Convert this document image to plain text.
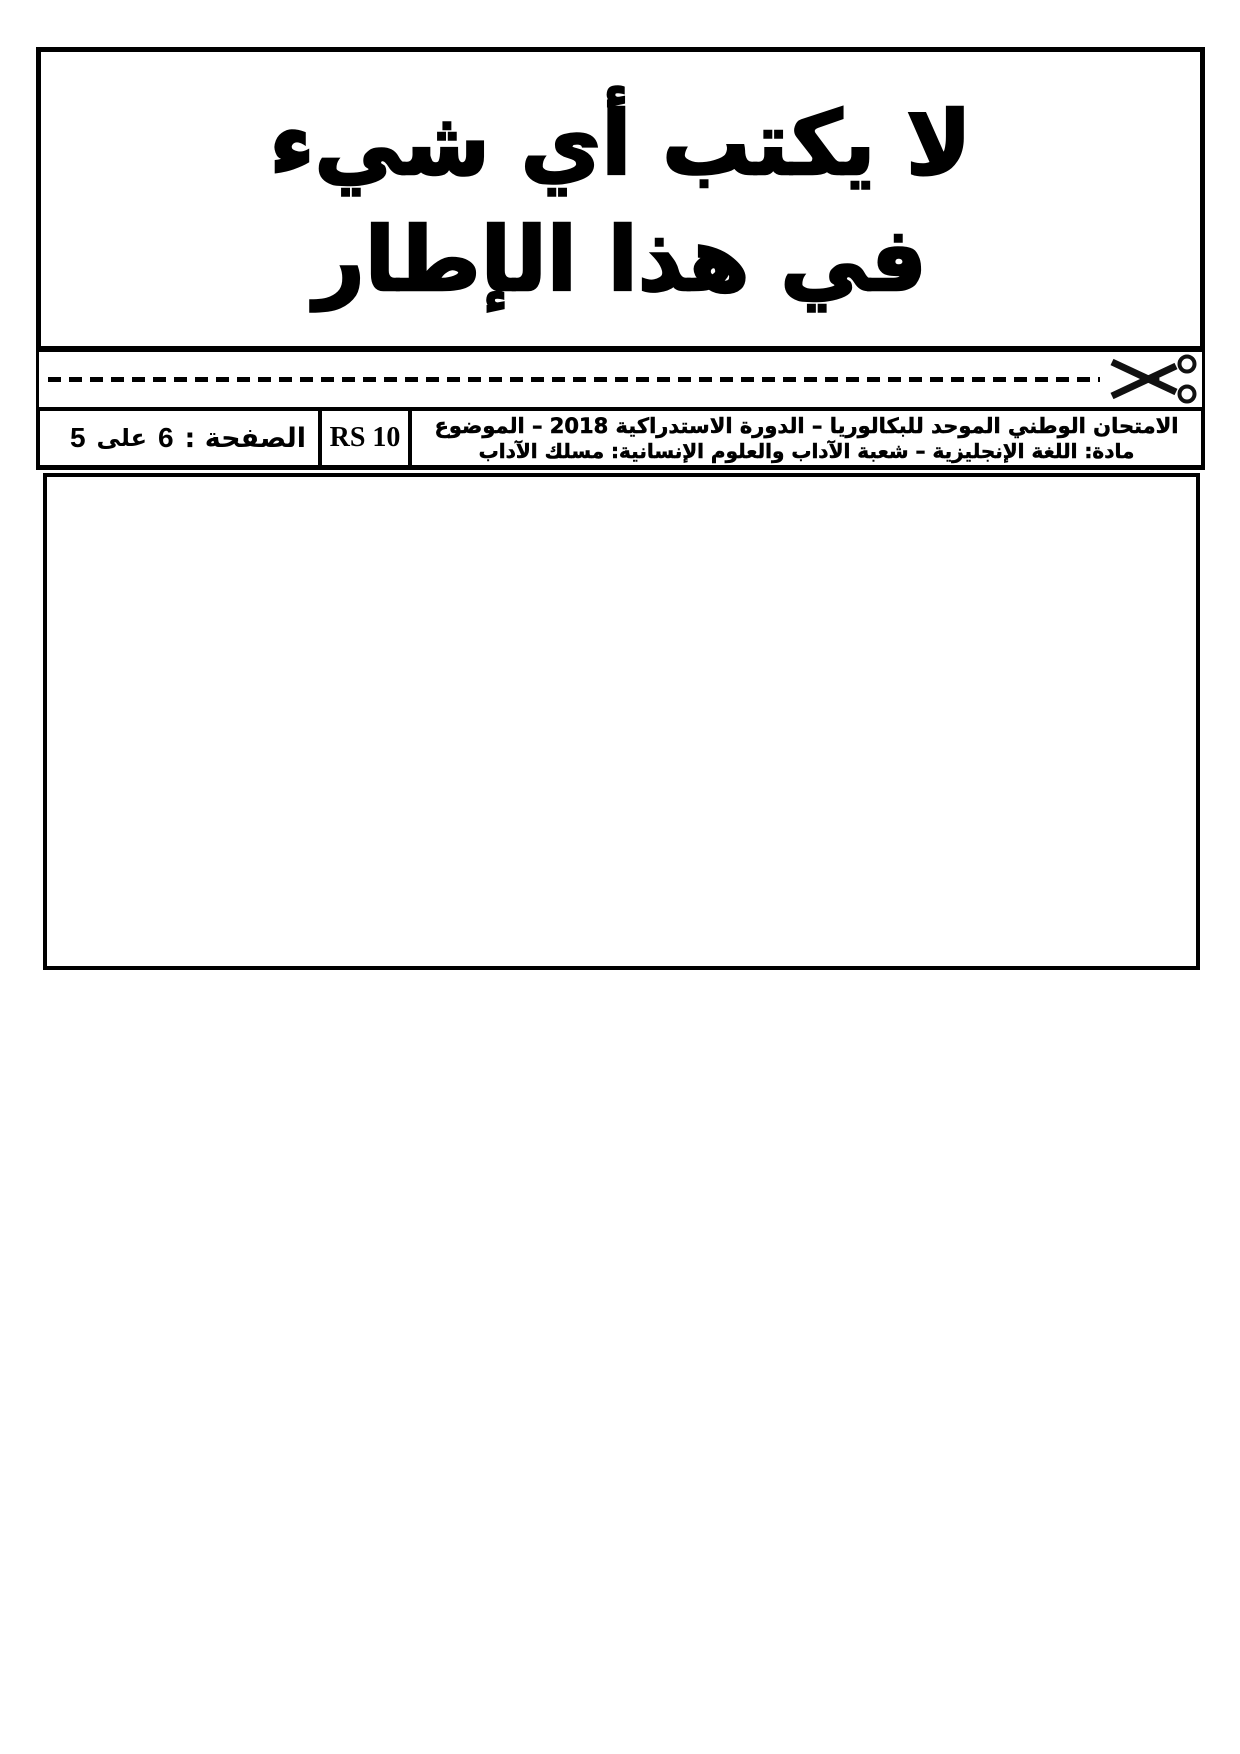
لا يكتب أي شيء
في هذا الإطار
5 على 6 الصفحة : RS 10 الامتحان الوطني الموحد للبكالوريا – الدورة الاستدراكية 2018 – الموضوع
مادة: اللغة الإنجليزية – شعبة الآداب والعلوم الإنسانية: مسلك الآداب
